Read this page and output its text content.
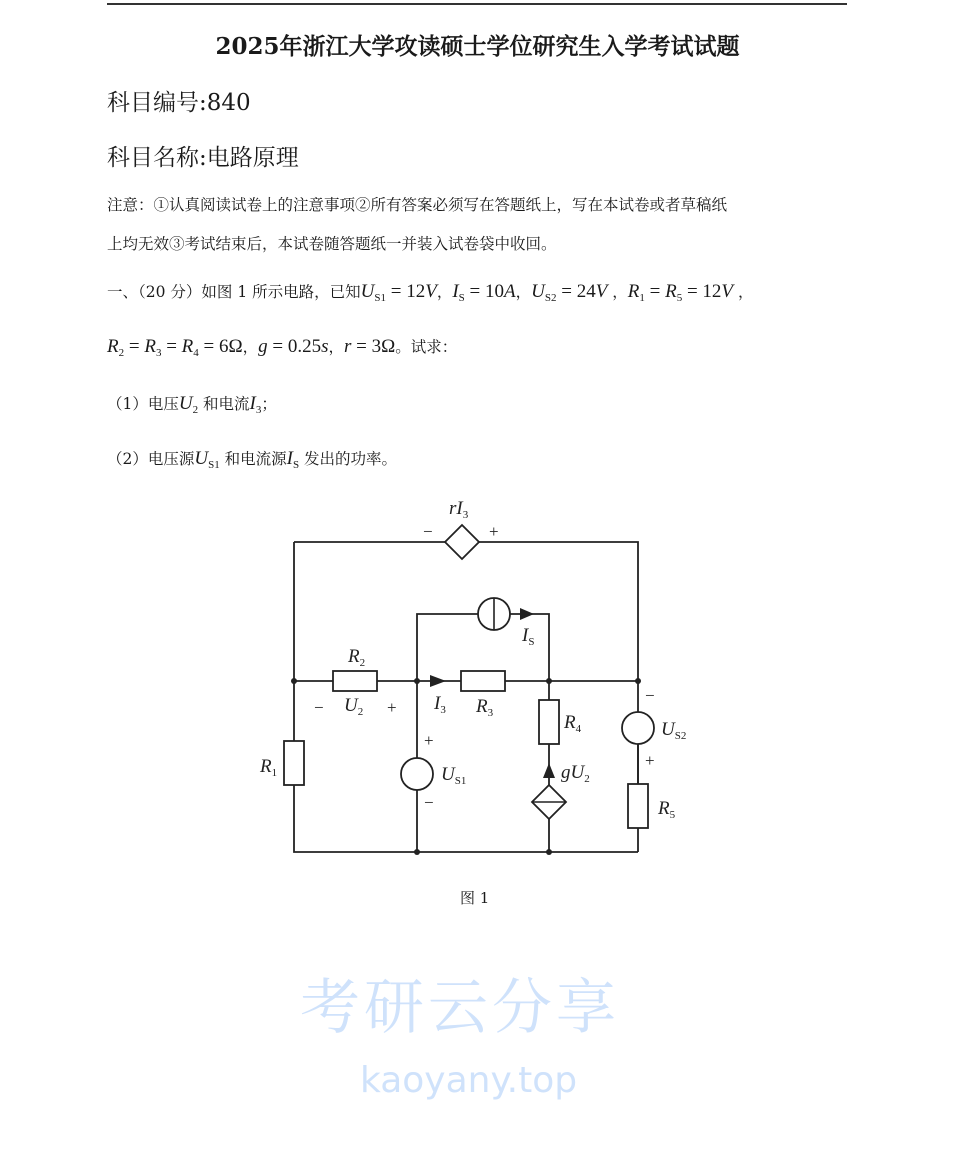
2025年浙江大学攻读硕士学位研究生入学考试试题
科目编号:840
科目名称:电路原理
注意：①认真阅读试卷上的注意事项②所有答案必须写在答题纸上，写在本试卷或者草稿纸
上均无效③考试结束后，本试卷随答题纸一并装入试卷袋中收回。
一、（20 分）如图 1 所示电路，已知$U_{S1} = 12V$，$I_S = 10A$，$U_{S2} = 24V$ ，$R_1 = R_5 = 12V$ ，
$R_2 = R_3 = R_4 = 6\Omega$，g = 0.25s，r = 3Ω。试求：
（1）电压$U_2$ 和电流$I_3$；
（2）电压源$U_{S1}$ 和电流源$I_S$ 发出的功率。
$rI_3$
$R_1$
$R_2$
$R_3$	$R_4$
$R_5$
$U_2$	$I_3$
$I_S$
$U_{S1}$
$U_{S2}$
$gU_2$
−	+
−	+
+
−
−
+
图 1
考研云分享
kaoyany.top
